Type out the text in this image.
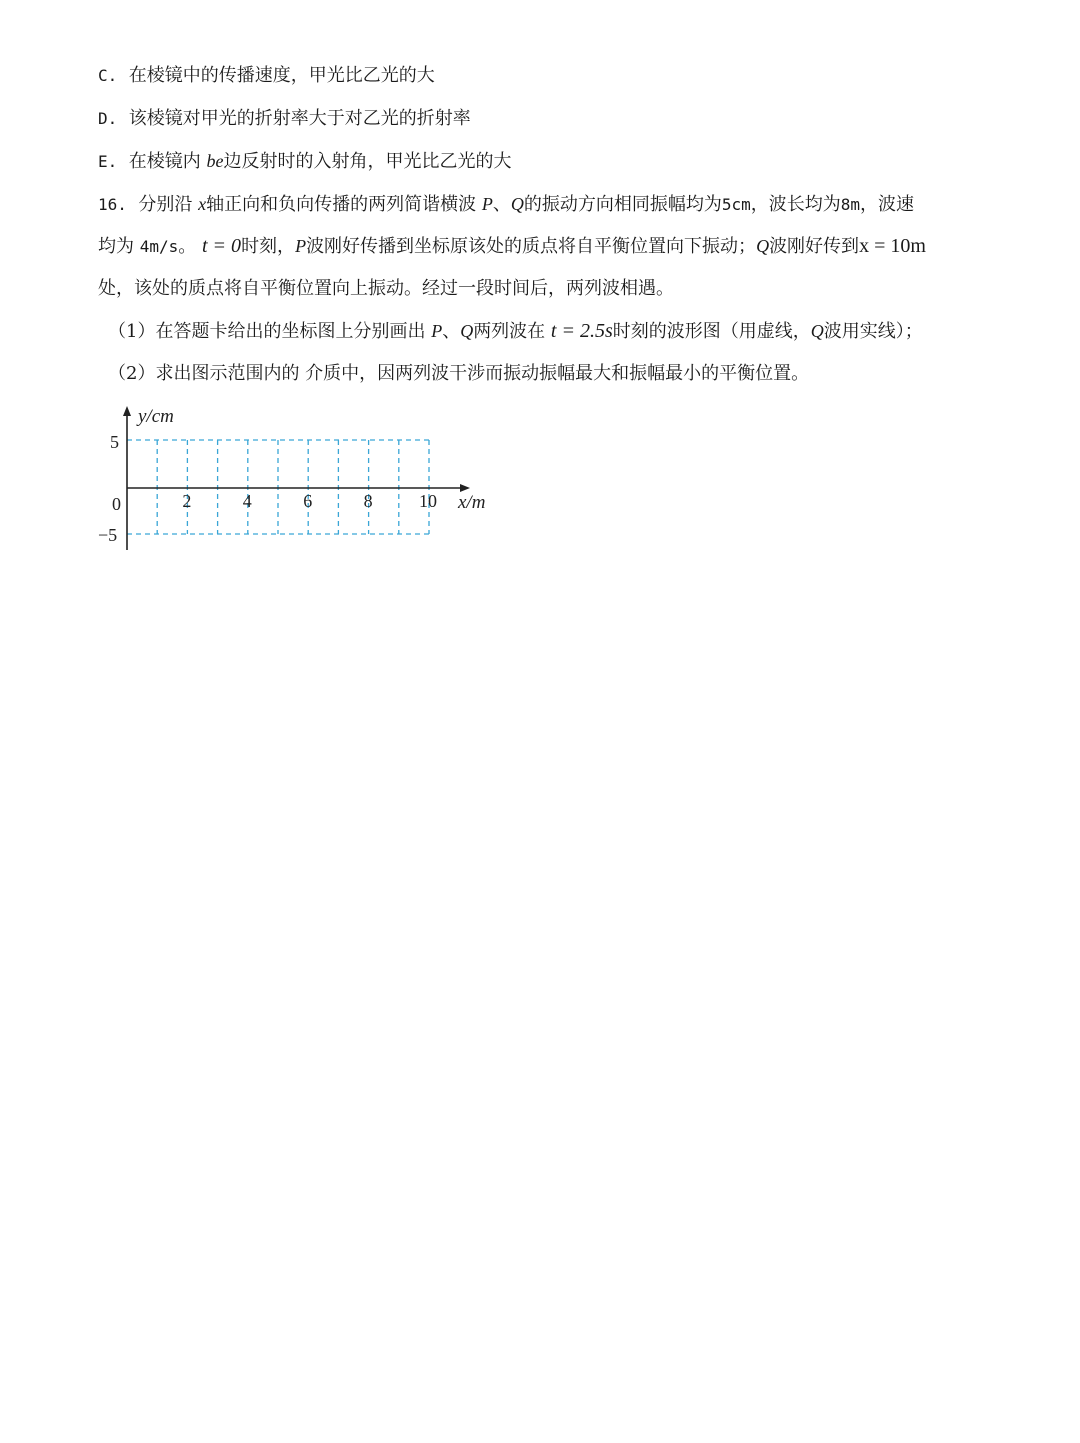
C. 在棱镜中的传播速度，甲光比乙光的大
D. 该棱镜对甲光的折射率大于对乙光的折射率
E. 在棱镜内 be边反射时的入射角，甲光比乙光的大
16. 分别沿 x轴正向和负向传播的两列简谐横波 P、Q的振动方向相同振幅均为5cm，波长均为8m，波速
均为 4m/s。 t = 0时刻，P波刚好传播到坐标原该处的质点将自平衡位置向下振动；Q波刚好传到x = 10m
处，该处的质点将自平衡位置向上振动。经过一段时间后，两列波相遇。
（1）在答题卡给出的坐标图上分别画出 P、Q两列波在 t = 2.5s时刻的波形图（用虚线，Q波用实线）；
（2）求出图示范围内的 介质中，因两列波干涉而振动振幅最大和振幅最小的平衡位置。
y/cm
x/m
0
5
−5
2	4	6	8	10
